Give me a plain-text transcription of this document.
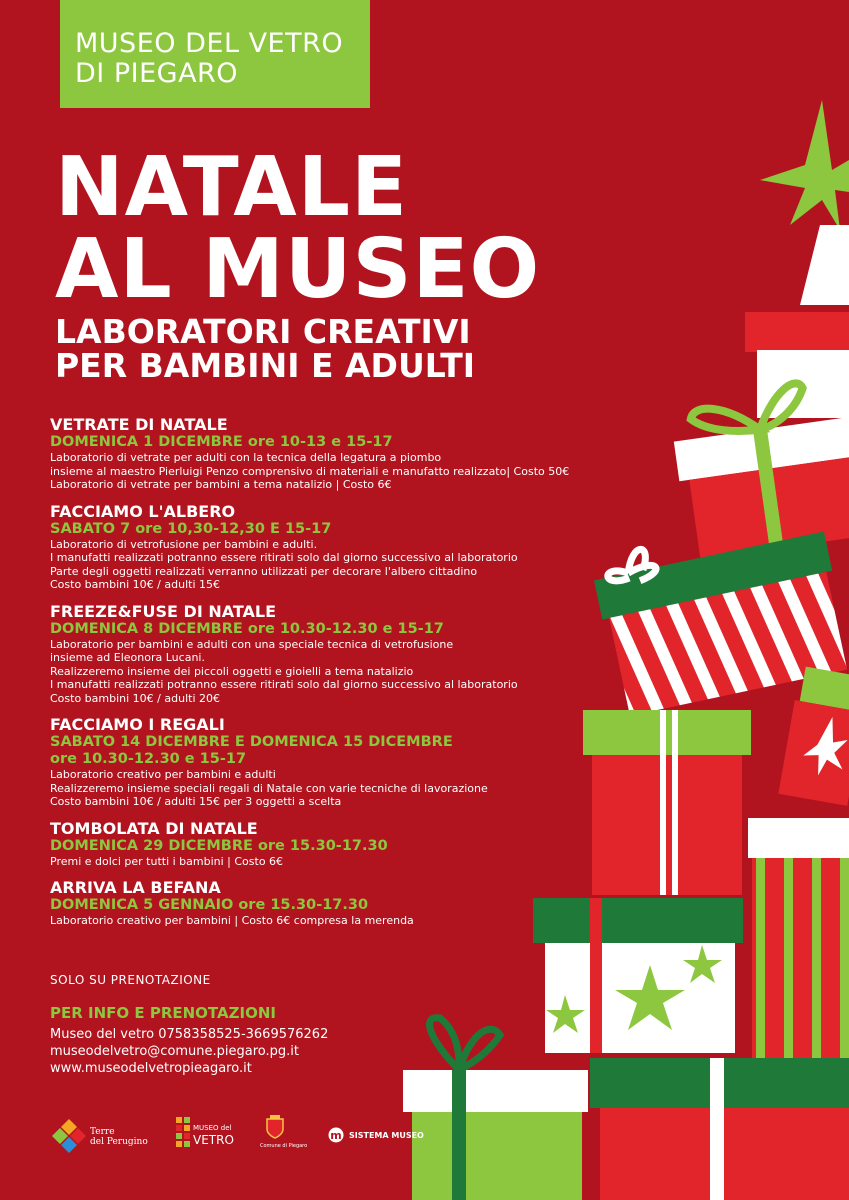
MUSEO DEL VETRO
DI PIEGARO
NATALE
AL MUSEO
LABORATORI CREATIVI
PER BAMBINI E ADULTI
VETRATE DI NATALE
DOMENICA 1 DICEMBRE ore 10-13 e 15-17
Laboratorio di vetrate per adulti con la tecnica della legatura a piombo
insieme al maestro Pierluigi Penzo comprensivo di materiali e manufatto realizzato| Costo 50€
Laboratorio di vetrate per bambini a tema natalizio | Costo 6€
FACCIAMO L'ALBERO
SABATO 7 ore 10,30-12,30 E 15-17
Laboratorio di vetrofusione per bambini e adulti.
I manufatti realizzati potranno essere ritirati solo dal giorno successivo al laboratorio
Parte degli oggetti realizzati verranno utilizzati per decorare l'albero cittadino
Costo bambini 10€ / adulti 15€
FREEZE&FUSE DI NATALE
DOMENICA 8 DICEMBRE ore 10.30-12.30 e 15-17
Laboratorio per bambini e adulti con una speciale tecnica di vetrofusione
insieme ad Eleonora Lucani.
Realizzeremo insieme dei piccoli oggetti e gioielli a tema natalizio
I manufatti realizzati potranno essere ritirati solo dal giorno successivo al laboratorio
Costo bambini 10€ / adulti 20€
FACCIAMO I REGALI
SABATO 14 DICEMBRE E DOMENICA 15 DICEMBRE
ore 10.30-12.30 e 15-17
Laboratorio creativo per bambini e adulti
Realizzeremo insieme speciali regali di Natale con varie tecniche di lavorazione
Costo bambini 10€ / adulti 15€ per 3 oggetti a scelta
TOMBOLATA DI NATALE
DOMENICA 29 DICEMBRE ore 15.30-17.30
Premi e dolci per tutti i bambini | Costo 6€
ARRIVA LA BEFANA
DOMENICA 5 GENNAIO ore 15.30-17.30
Laboratorio creativo per bambini | Costo 6€ compresa la merenda
SOLO SU PRENOTAZIONE
PER INFO E PRENOTAZIONI
Museo del vetro 0758358525-3669576262
museodelvetro@comune.piegaro.pg.it
www.museodelvetropieagaro.it
Terre
del Perugino
MUSEO del
VETRO	Comune di Piegaro
m SISTEMA MUSEO
